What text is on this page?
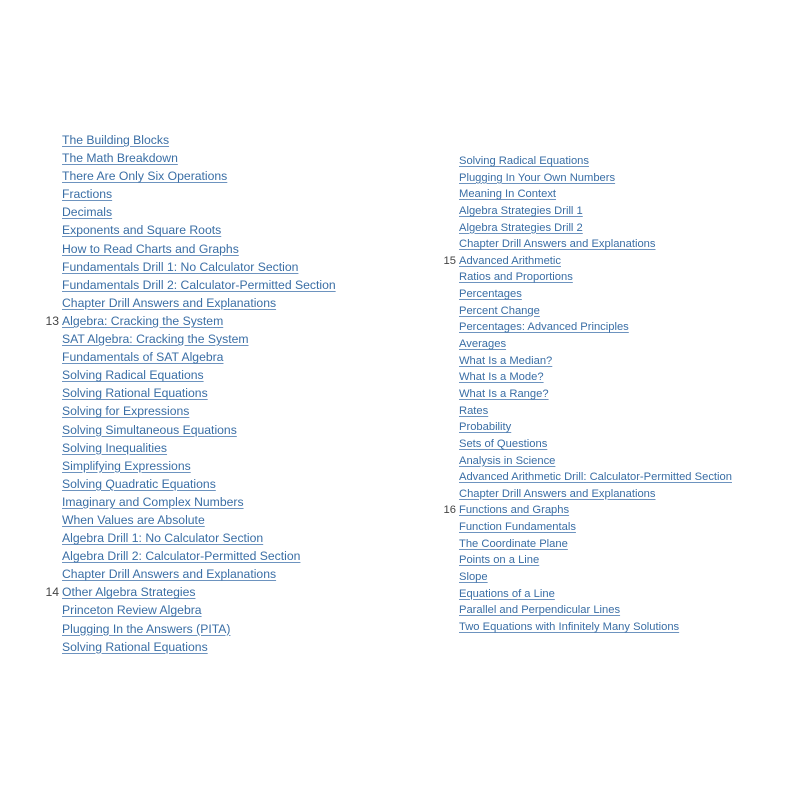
The Building Blocks
The Math Breakdown
There Are Only Six Operations
Fractions
Decimals
Exponents and Square Roots
How to Read Charts and Graphs
Fundamentals Drill 1: No Calculator Section
Fundamentals Drill 2: Calculator-Permitted Section
Chapter Drill Answers and Explanations
13 Algebra: Cracking the System
SAT Algebra: Cracking the System
Fundamentals of SAT Algebra
Solving Radical Equations
Solving Rational Equations
Solving for Expressions
Solving Simultaneous Equations
Solving Inequalities
Simplifying Expressions
Solving Quadratic Equations
Imaginary and Complex Numbers
When Values are Absolute
Algebra Drill 1: No Calculator Section
Algebra Drill 2: Calculator-Permitted Section
Chapter Drill Answers and Explanations
14 Other Algebra Strategies
Princeton Review Algebra
Plugging In the Answers (PITA)
Solving Rational Equations
Solving Radical Equations
Plugging In Your Own Numbers
Meaning In Context
Algebra Strategies Drill 1
Algebra Strategies Drill 2
Chapter Drill Answers and Explanations
15 Advanced Arithmetic
Ratios and Proportions
Percentages
Percent Change
Percentages: Advanced Principles
Averages
What Is a Median?
What Is a Mode?
What Is a Range?
Rates
Probability
Sets of Questions
Analysis in Science
Advanced Arithmetic Drill: Calculator-Permitted Section
Chapter Drill Answers and Explanations
16 Functions and Graphs
Function Fundamentals
The Coordinate Plane
Points on a Line
Slope
Equations of a Line
Parallel and Perpendicular Lines
Two Equations with Infinitely Many Solutions
